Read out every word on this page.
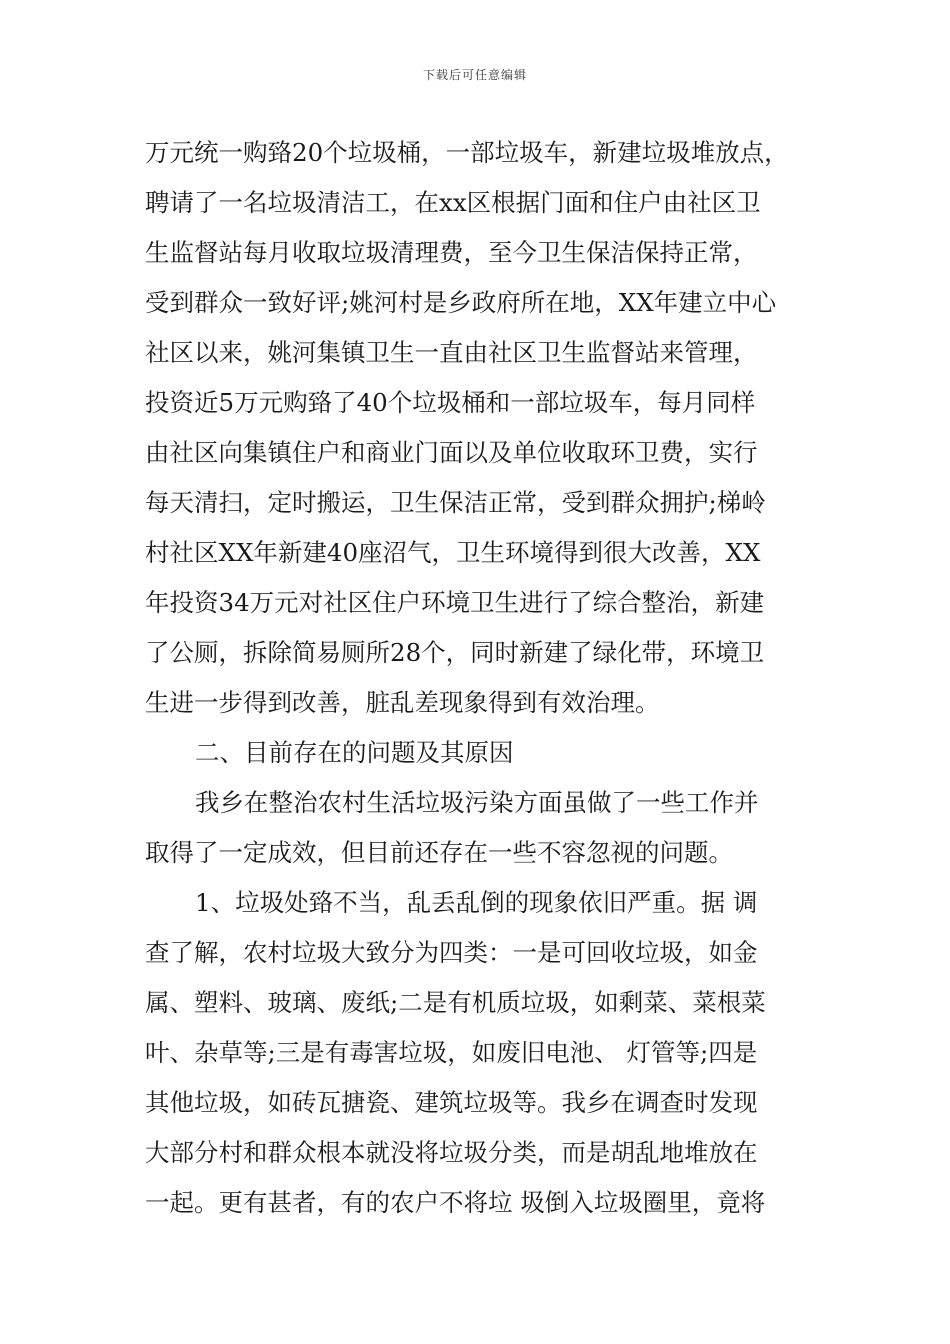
下载后可任意编辑
万元统一购臵20个垃圾桶，一部垃圾车，新建垃圾堆放点，
聘请了一名垃圾清洁工，在xx区根据门面和住户由社区卫
生监督站每月收取垃圾清理费，至今卫生保洁保持正常，
受到群众一致好评;姚河村是乡政府所在地，XX年建立中心
社区以来，姚河集镇卫生一直由社区卫生监督站来管理，
投资近5万元购臵了40个垃圾桶和一部垃圾车，每月同样
由社区向集镇住户和商业门面以及单位收取环卫费，实行
每天清扫，定时搬运，卫生保洁正常，受到群众拥护;梯岭
村社区XX年新建40座沼气，卫生环境得到很大改善，XX
年投资34万元对社区住户环境卫生进行了综合整治，新建
了公厕，拆除简易厕所28个，同时新建了绿化带，环境卫
生进一步得到改善，脏乱差现象得到有效治理。
二、目前存在的问题及其原因
我乡在整治农村生活垃圾污染方面虽做了一些工作并
取得了一定成效，但目前还存在一些不容忽视的问题。
1、垃圾处臵不当，乱丢乱倒的现象依旧严重。据 调
查了解，农村垃圾大致分为四类：一是可回收垃圾，如金
属、塑料、玻璃、废纸;二是有机质垃圾，如剩菜、菜根菜
叶、杂草等;三是有毒害垃圾，如废旧电池、 灯管等;四是
其他垃圾，如砖瓦搪瓷、建筑垃圾等。我乡在调查时发现
大部分村和群众根本就没将垃圾分类，而是胡乱地堆放在
一起。更有甚者，有的农户不将垃 圾倒入垃圾圈里，竟将
